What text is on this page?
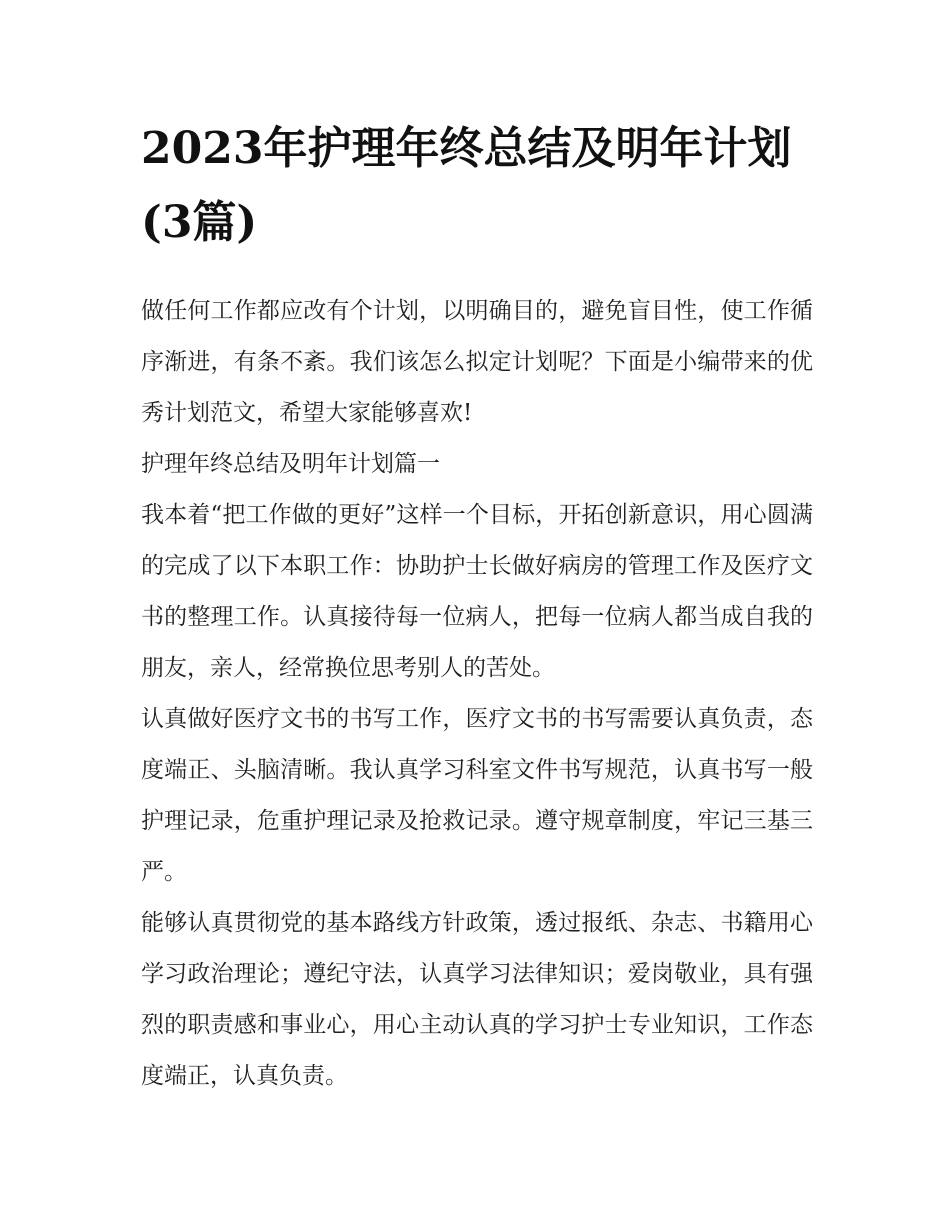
2023年护理年终总结及明年计划(3篇)

做任何工作都应改有个计划，以明确目的，避免盲目性，使工作循序渐进，有条不紊。我们该怎么拟定计划呢？下面是小编带来的优秀计划范文，希望大家能够喜欢!

护理年终总结及明年计划篇一

我本着“把工作做的更好”这样一个目标，开拓创新意识，用心圆满的完成了以下本职工作：协助护士长做好病房的管理工作及医疗文书的整理工作。认真接待每一位病人，把每一位病人都当成自我的朋友，亲人，经常换位思考别人的苦处。

认真做好医疗文书的书写工作，医疗文书的书写需要认真负责，态度端正、头脑清晰。我认真学习科室文件书写规范，认真书写一般护理记录，危重护理记录及抢救记录。遵守规章制度，牢记三基三严。

能够认真贯彻党的基本路线方针政策，透过报纸、杂志、书籍用心学习政治理论；遵纪守法，认真学习法律知识；爱岗敬业，具有强烈的职责感和事业心，用心主动认真的学习护士专业知识，工作态度端正，认真负责。
